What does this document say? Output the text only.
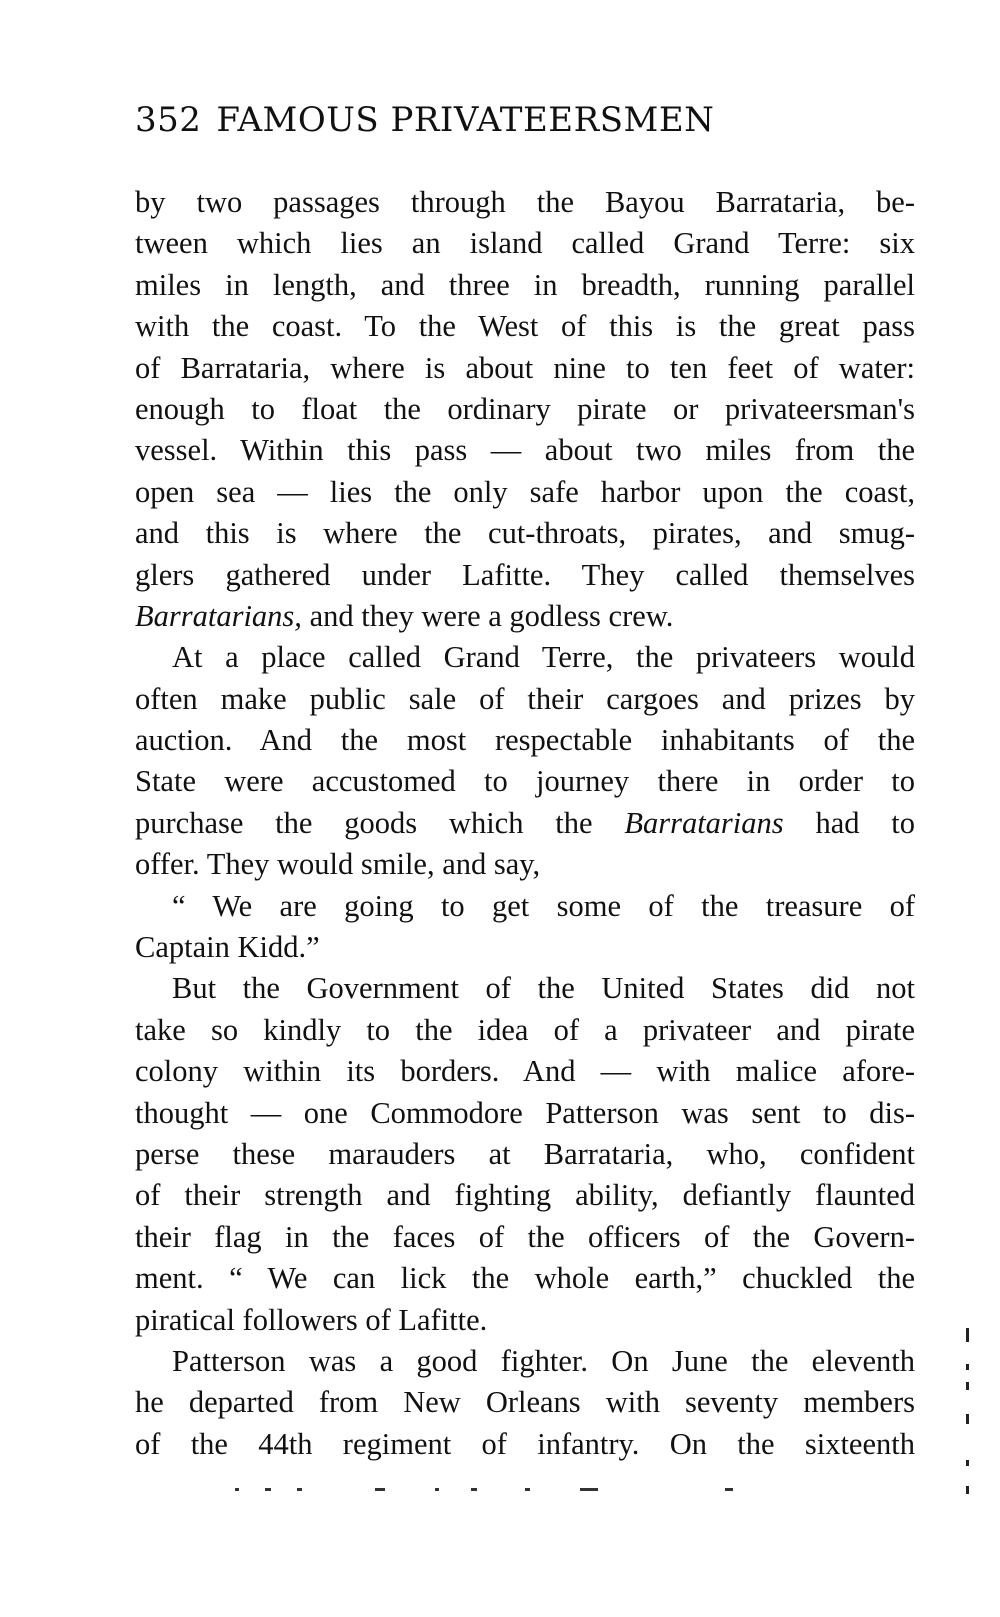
352 FAMOUS PRIVATEERSMEN
by two passages through the Bayou Barrataria, be-
tween which lies an island called Grand Terre: six
miles in length, and three in breadth, running parallel
with the coast. To the West of this is the great pass
of Barrataria, where is about nine to ten feet of water:
enough to float the ordinary pirate or privateersman's
vessel. Within this pass — about two miles from the
open sea — lies the only safe harbor upon the coast,
and this is where the cut-throats, pirates, and smug-
glers gathered under Lafitte. They called themselves
Barratarians, and they were a godless crew.
At a place called Grand Terre, the privateers would
often make public sale of their cargoes and prizes by
auction. And the most respectable inhabitants of the
State were accustomed to journey there in order to
purchase the goods which the Barratarians had to
offer. They would smile, and say,
“ We are going to get some of the treasure of
Captain Kidd.”
But the Government of the United States did not
take so kindly to the idea of a privateer and pirate
colony within its borders. And — with malice afore-
thought — one Commodore Patterson was sent to dis-
perse these marauders at Barrataria, who, confident
of their strength and fighting ability, defiantly flaunted
their flag in the faces of the officers of the Govern-
ment. “ We can lick the whole earth,” chuckled the
piratical followers of Lafitte.
Patterson was a good fighter. On June the eleventh
he departed from New Orleans with seventy members
of the 44th regiment of infantry. On the sixteenth
